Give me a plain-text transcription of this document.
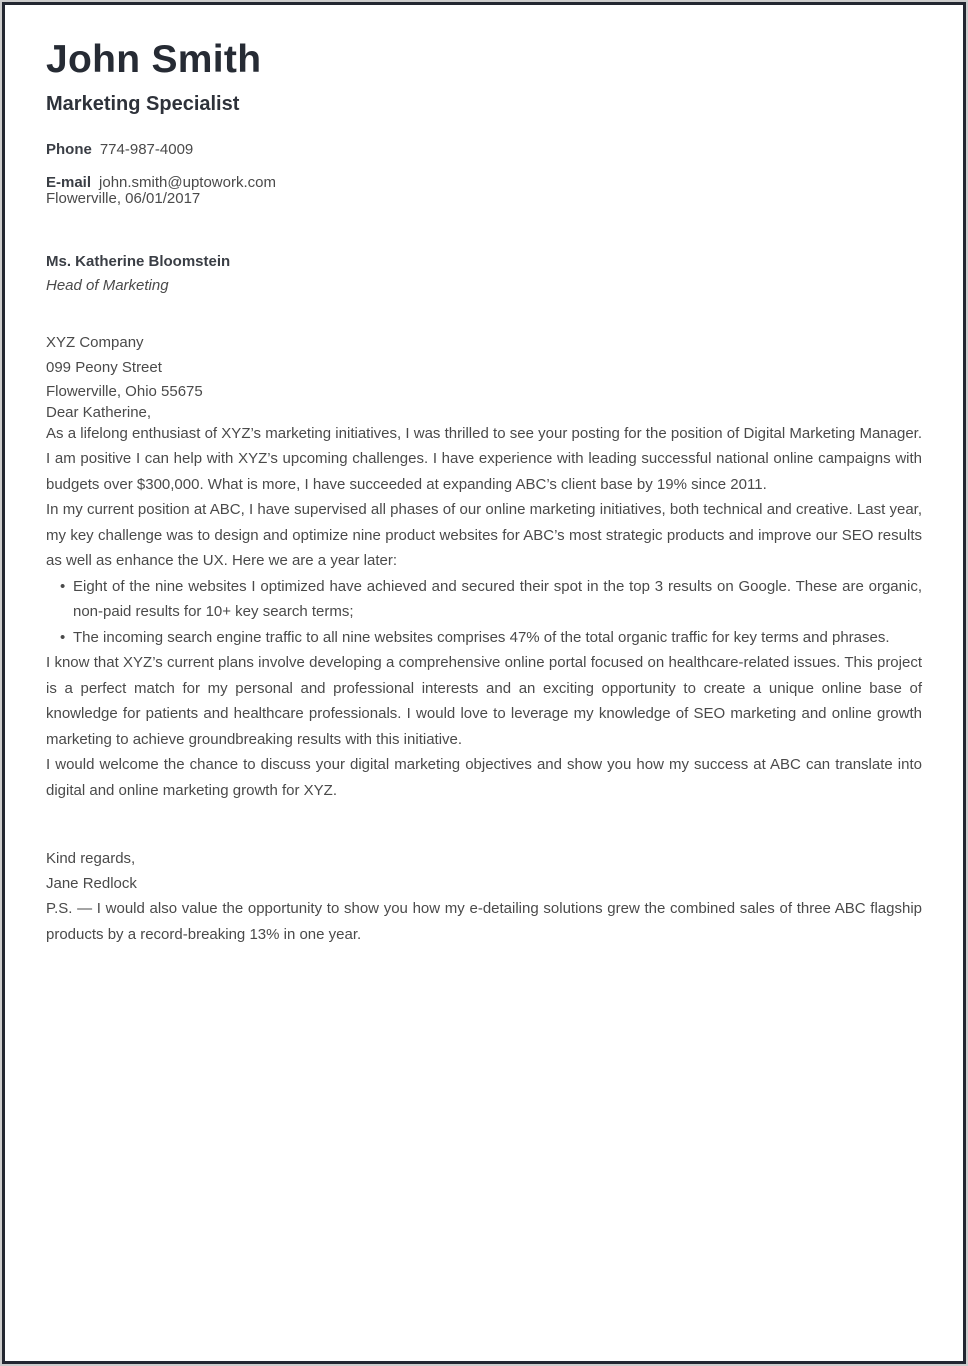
John Smith
Marketing Specialist
Phone 774-987-4009
E-mail john.smith@uptowork.com

Flowerville, 06/01/2017

Ms. Katherine Bloomstein

Head of Marketing

XYZ Company

099 Peony Street

Flowerville, Ohio 55675

Dear Katherine,

As a lifelong enthusiast of XYZ’s marketing initiatives, I was thrilled to see your posting for the position of Digital Marketing Manager. I am positive I can help with XYZ’s upcoming challenges. I have experience with leading successful national online campaigns with budgets over $300,000. What is more, I have succeeded at expanding ABC’s client base by 19% since 2011.

In my current position at ABC, I have supervised all phases of our online marketing initiatives, both technical and creative. Last year, my key challenge was to design and optimize nine product websites for ABC’s most strategic products and improve our SEO results as well as enhance the UX. Here we are a year later:

• Eight of the nine websites I optimized have achieved and secured their spot in the top 3 results on Google. These are organic, non-paid results for 10+ key search terms;
• The incoming search engine traffic to all nine websites comprises 47% of the total organic traffic for key terms and phrases.

I know that XYZ’s current plans involve developing a comprehensive online portal focused on healthcare-related issues. This project is a perfect match for my personal and professional interests and an exciting opportunity to create a unique online base of knowledge for patients and healthcare professionals. I would love to leverage my knowledge of SEO marketing and online growth marketing to achieve groundbreaking results with this initiative.

I would welcome the chance to discuss your digital marketing objectives and show you how my success at ABC can translate into digital and online marketing growth for XYZ.

Kind regards,

Jane Redlock

P.S. — I would also value the opportunity to show you how my e-detailing solutions grew the combined sales of three ABC flagship products by a record-breaking 13% in one year.
